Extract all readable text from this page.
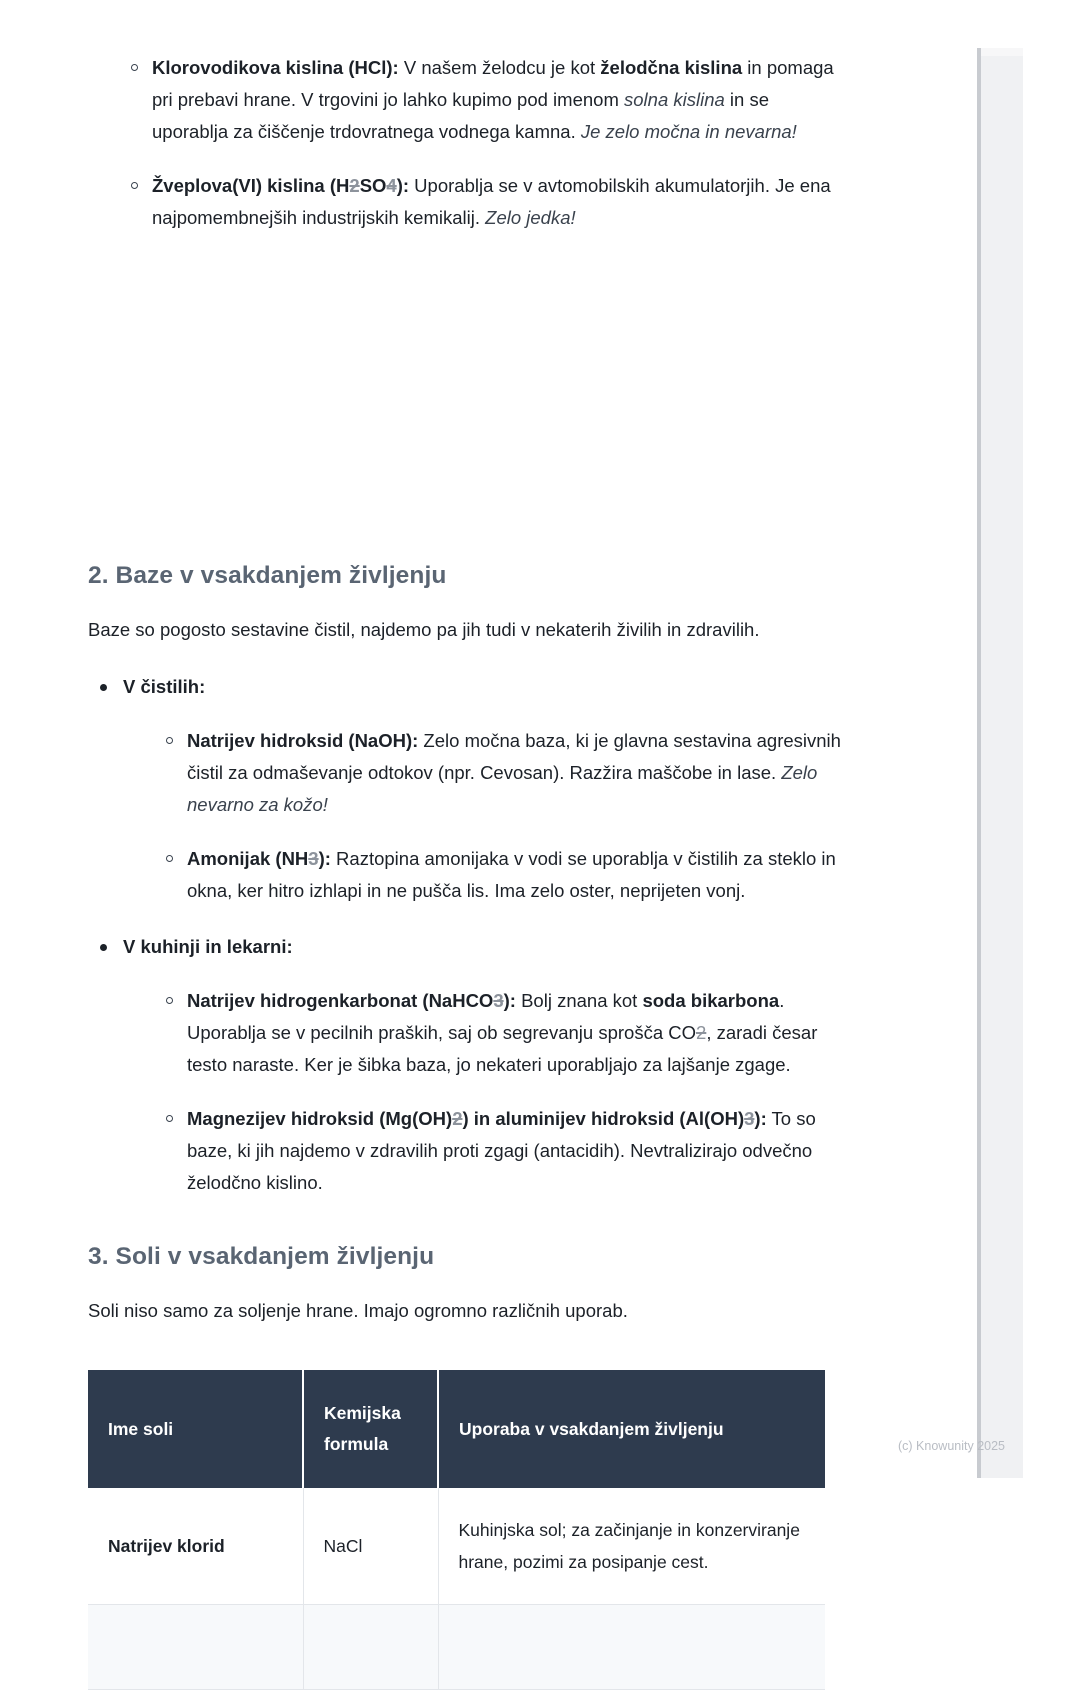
Klorovodikova kislina (HCl): V našem želodcu je kot želodčna kislina in pomaga pri prebavi hrane. V trgovini jo lahko kupimo pod imenom solna kislina in se uporablja za čiščenje trdovratnega vodnega kamna. Je zelo močna in nevarna!
Žveplova(VI) kislina (H2SO4): Uporablja se v avtomobilskih akumulatorjih. Je ena najpomembnejših industrijskih kemikalij. Zelo jedka!
2. Baze v vsakdanjem življenju

Baze so pogosto sestavine čistil, najdemo pa jih tudi v nekaterih živilih in zdravilih.

V čistilih:
Natrijev hidroksid (NaOH): Zelo močna baza, ki je glavna sestavina agresivnih čistil za odmaševanje odtokov (npr. Cevosan). Razžira maščobe in lase. Zelo nevarno za kožo!
Amonijak (NH3): Raztopina amonijaka v vodi se uporablja v čistilih za steklo in okna, ker hitro izhlapi in ne pušča lis. Ima zelo oster, neprijeten vonj.
V kuhinji in lekarni:
Natrijev hidrogenkarbonat (NaHCO3): Bolj znana kot soda bikarbona. Uporablja se v pecilnih praških, saj ob segrevanju sprošča CO2, zaradi česar testo naraste. Ker je šibka baza, jo nekateri uporabljajo za lajšanje zgage.
Magnezijev hidroksid (Mg(OH)2) in aluminijev hidroksid (Al(OH)3): To so baze, ki jih najdemo v zdravilih proti zgagi (antacidih). Nevtralizirajo odvečno želodčno kislino.
3. Soli v vsakdanjem življenju

Soli niso samo za soljenje hrane. Imajo ogromno različnih uporab.

Ime soli	Kemijska formula	Uporaba v vsakdanjem življenju
Natrijev klorid	NaCl	Kuhinjska sol; za začinjanje in konzerviranje hrane, pozimi za posipanje cest.

(c) Knowunity 2025
